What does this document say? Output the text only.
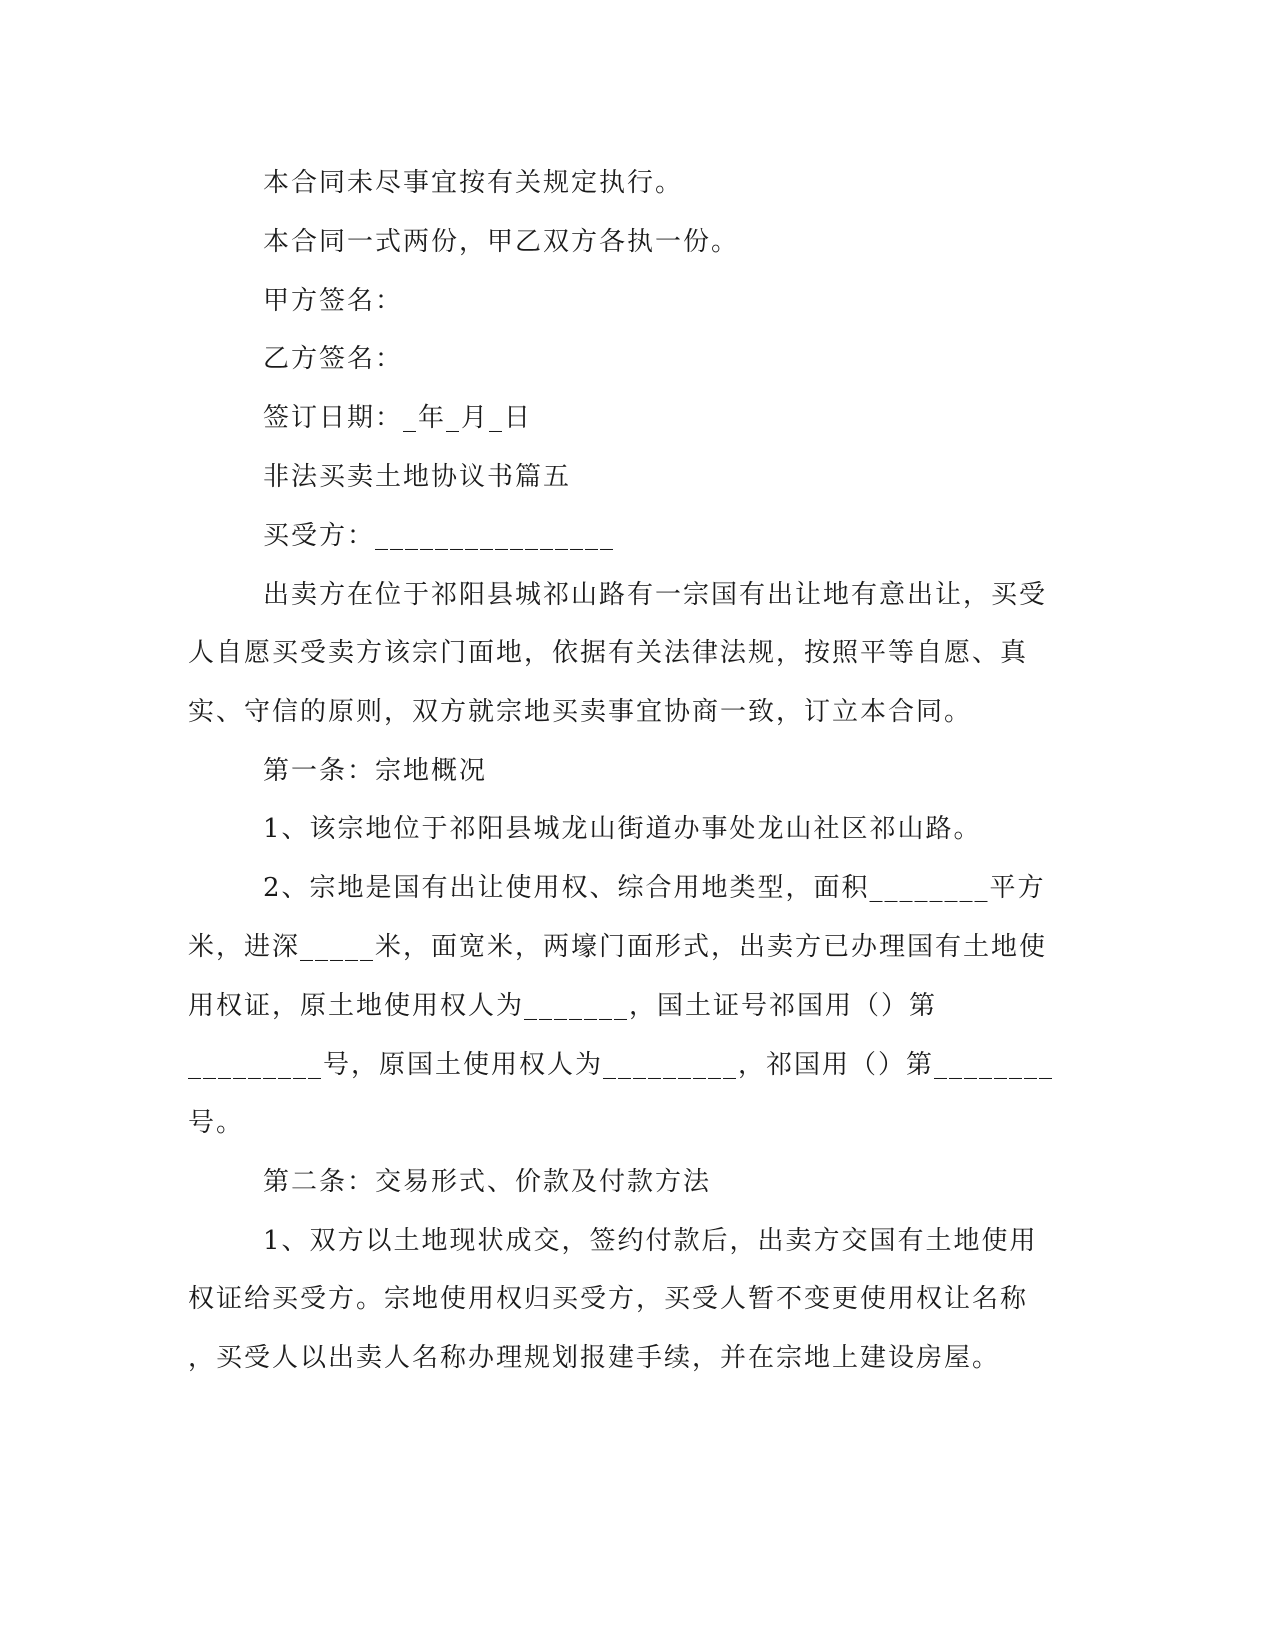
本合同未尽事宜按有关规定执行。
本合同一式两份，甲乙双方各执一份。
甲方签名：
乙方签名：
签订日期：_年_月_日
非法买卖土地协议书篇五
买受方：________________
出卖方在位于祁阳县城祁山路有一宗国有出让地有意出让，买受
人自愿买受卖方该宗门面地，依据有关法律法规，按照平等自愿、真
实、守信的原则，双方就宗地买卖事宜协商一致，订立本合同。
第一条：宗地概况
1、该宗地位于祁阳县城龙山街道办事处龙山社区祁山路。
2、宗地是国有出让使用权、综合用地类型，面积________平方
米，进深_____米，面宽米，两壕门面形式，出卖方已办理国有土地使
用权证，原土地使用权人为_______，国土证号祁国用（）第
_________号，原国土使用权人为_________，祁国用（）第________
号。
第二条：交易形式、价款及付款方法
1、双方以土地现状成交，签约付款后，出卖方交国有土地使用
权证给买受方。宗地使用权归买受方，买受人暂不变更使用权让名称
，买受人以出卖人名称办理规划报建手续，并在宗地上建设房屋。
